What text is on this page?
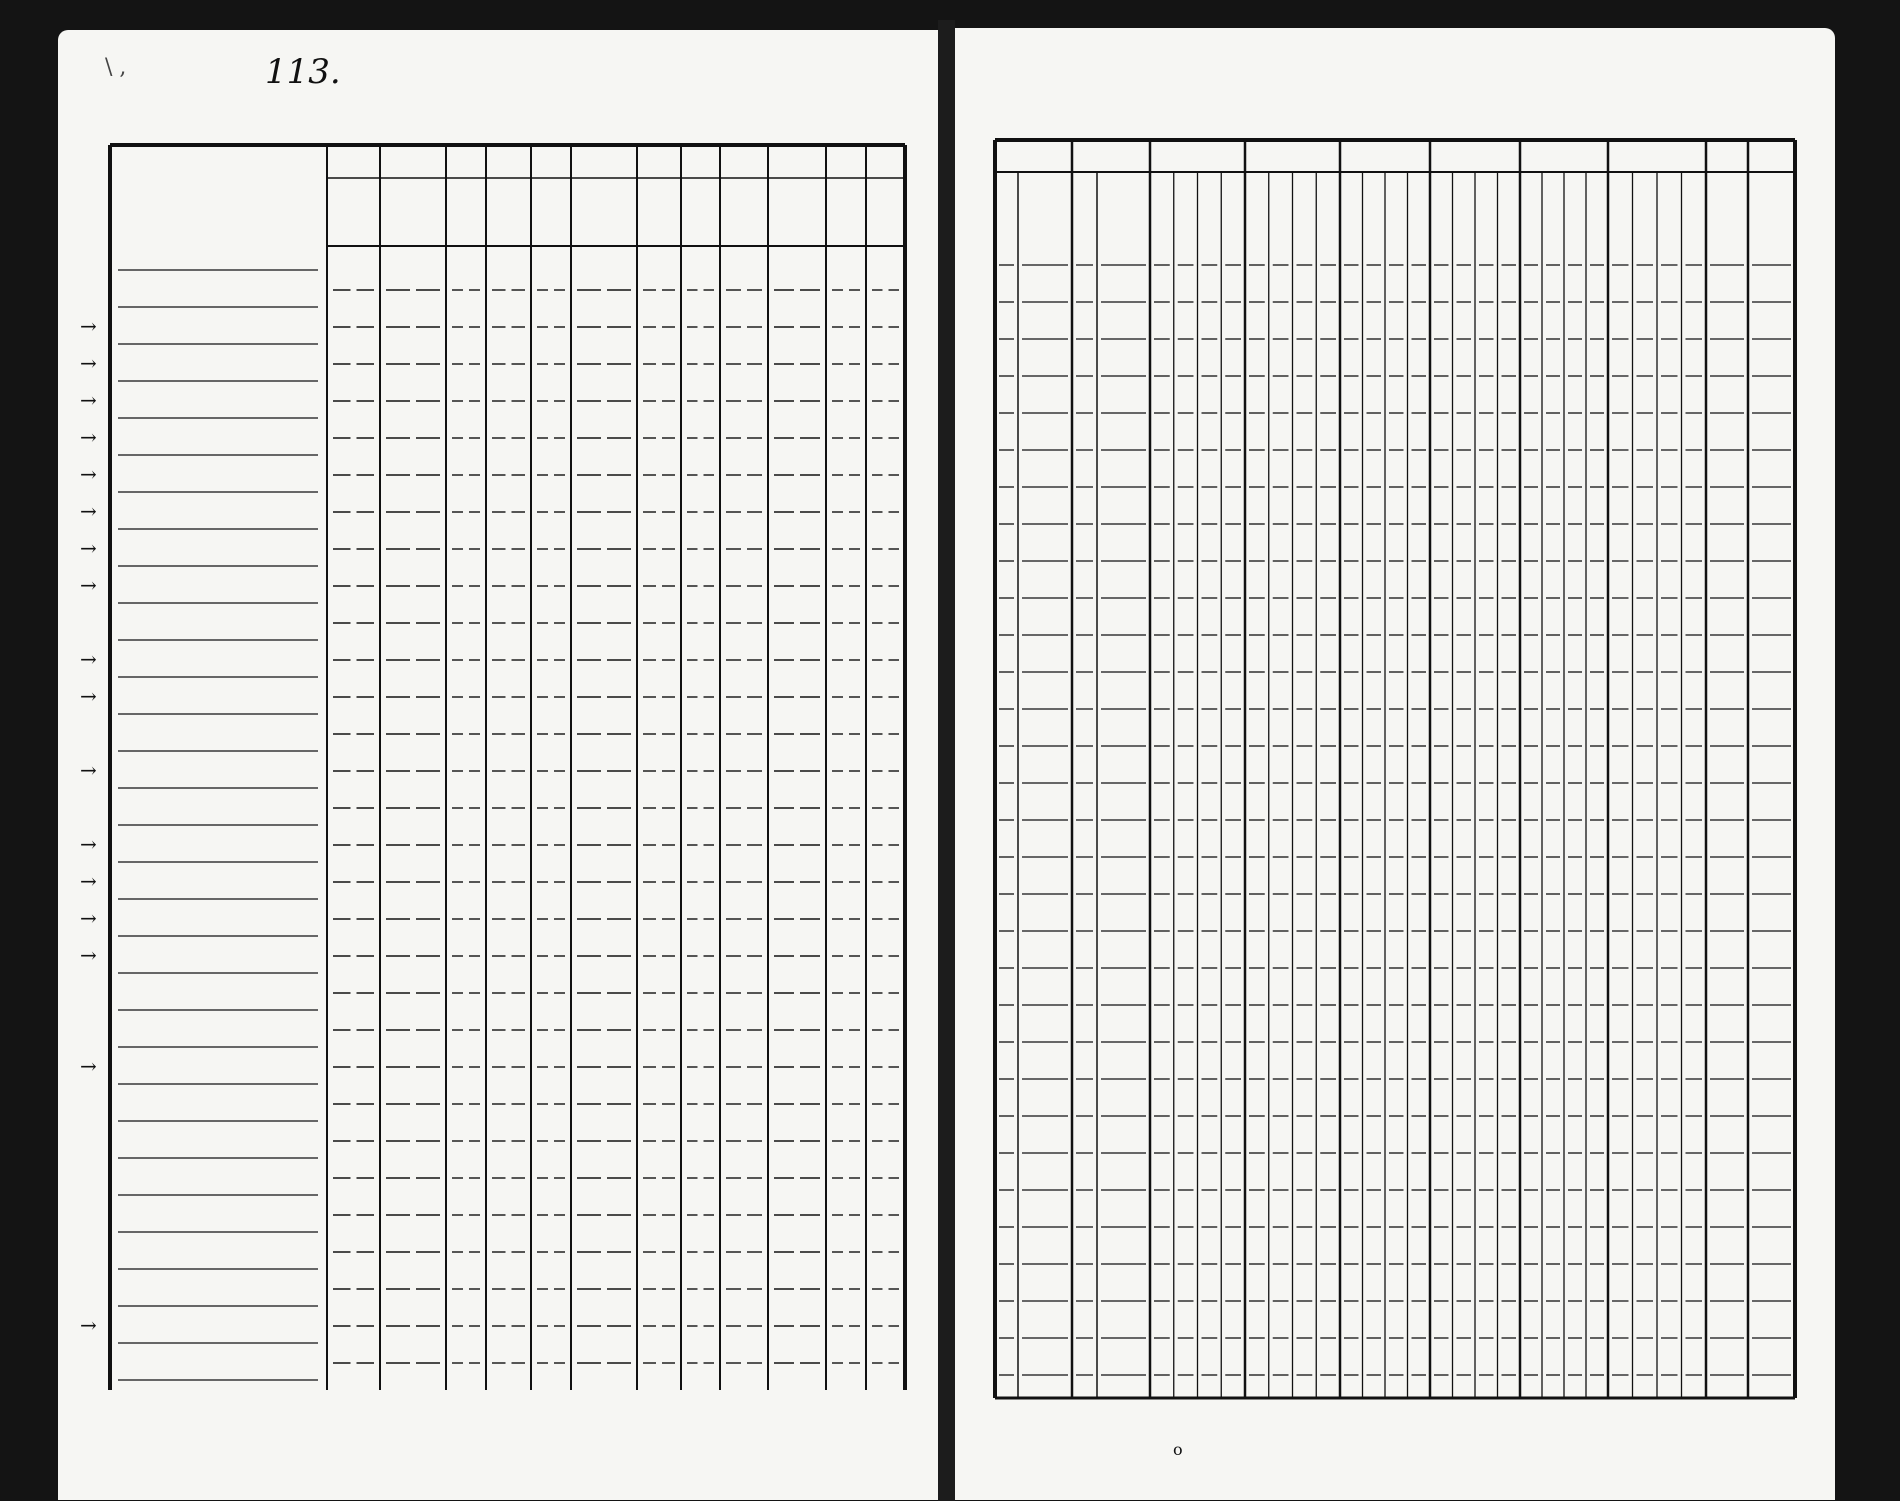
113.
\ ,
→
→
→
→
→
→
→
→
→
→
→
→
→
→
→
→
→
o
